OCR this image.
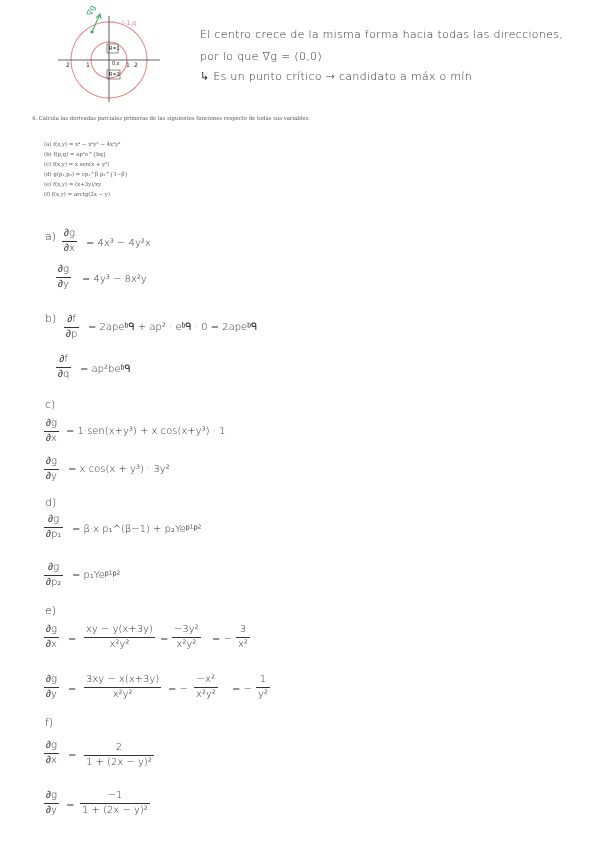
∇g
(-1,q
R=1
R=2
2	1	1 2
0,s
El centro crece de la misma forma hacia todas las direcciones,
por lo que ∇g = (0,0)
↳ Es un punto crítico → candidato a máx o mín
4. Calcula las derivadas parciales primeras de las siguientes funciones respecto de todas sus variables:
(a) f(x,y) = x⁴ − x²y² − 4x²y³
(b) f(p,q) = ap²e^{bq}
(c) f(x,y) = x sen(x + y³)
(d) g(p₁,p₂) = cp₁^β p₂^{1−β}
(e) f(x,y) = (x+3y)/xy
(f) f(x,y) = arctg(2x − y)
a) ∂g
∂x = 4x³ − 4y²x
∂g
∂y = 4y³ − 8x²y
b) ∂f
∂p
= 2apeᵇᑫ + ap² · eᵇᑫ · 0 = 2apeᵇᑫ
∂f
∂q = ap²beᵇᑫ
c)
∂g
∂x
= 1·sen(x+y³) + x cos(x+y³) · 1
∂g
∂y
= x cos(x + y³) · 3y²
d)
∂g
∂p₁ = β·x p₁^(β−1) + p₂Yeᵖ¹ᵖ²
∂g
∂p₂
= p₁Yeᵖ¹ᵖ²
e)
∂g
∂x =
xy − y(x+3y)
x²y²	=
−3y²
x²y² = −
3
x²
∂g
∂y =
3xy − x(x+3y)
x²y²	= −
−x²
x²y² = −
1
y²
f)
∂g
∂x =
2
1 + (2x − y)²
∂g
∂y =
−1
1 + (2x − y)²
